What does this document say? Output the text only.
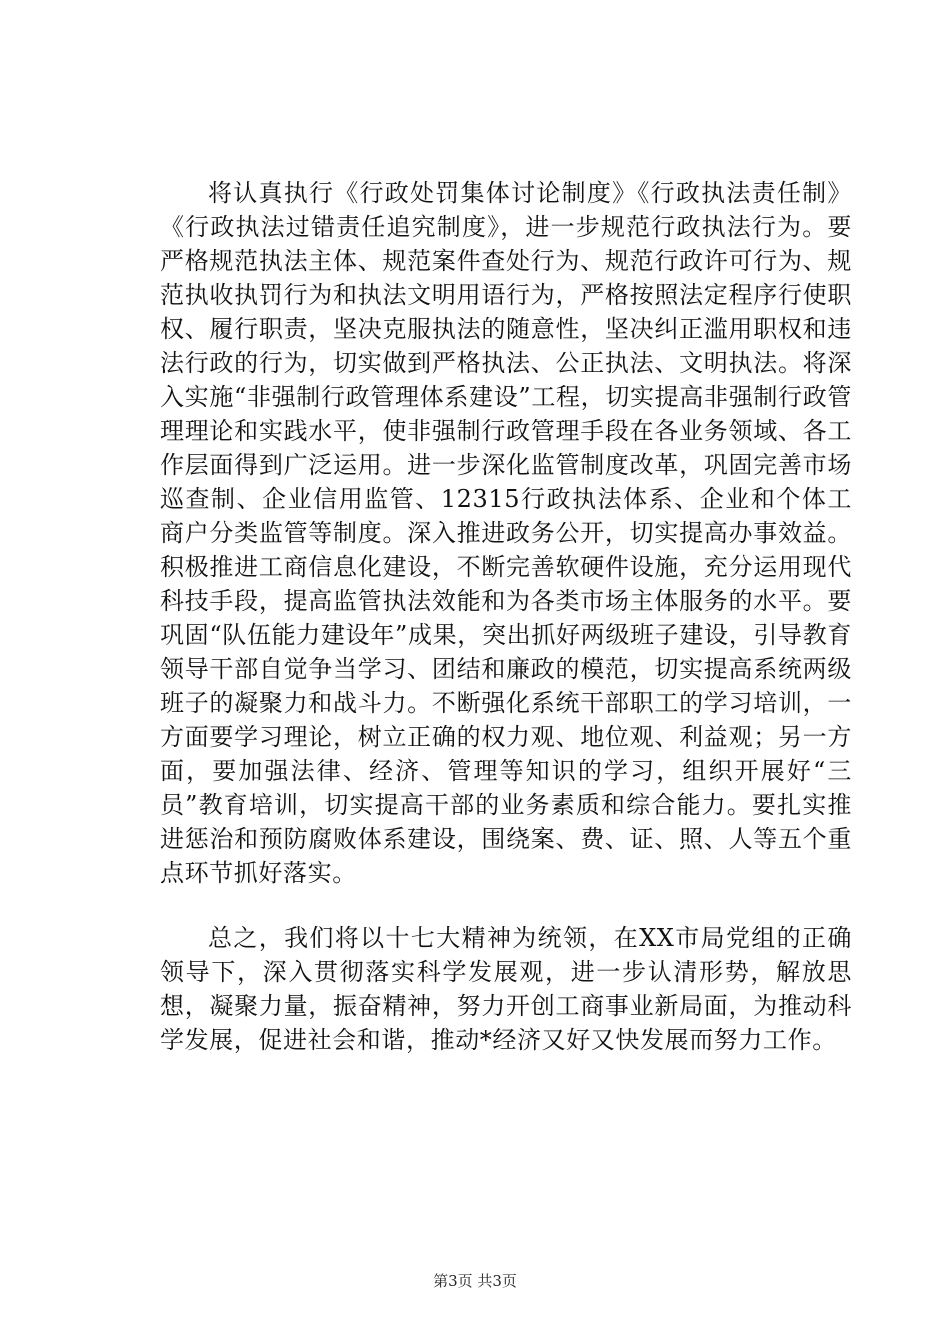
将认真执行《行政处罚集体讨论制度》《行政执法责任制》《行政执法过错责任追究制度》，进一步规范行政执法行为。要严格规范执法主体、规范案件查处行为、规范行政许可行为、规范执收执罚行为和执法文明用语行为，严格按照法定程序行使职权、履行职责，坚决克服执法的随意性，坚决纠正滥用职权和违法行政的行为，切实做到严格执法、公正执法、文明执法。将深入实施“非强制行政管理体系建设”工程，切实提高非强制行政管理理论和实践水平，使非强制行政管理手段在各业务领域、各工作层面得到广泛运用。进一步深化监管制度改革，巩固完善市场巡查制、企业信用监管、12315行政执法体系、企业和个体工商户分类监管等制度。深入推进政务公开，切实提高办事效益。积极推进工商信息化建设，不断完善软硬件设施，充分运用现代科技手段，提高监管执法效能和为各类市场主体服务的水平。要巩固“队伍能力建设年”成果，突出抓好两级班子建设，引导教育领导干部自觉争当学习、团结和廉政的模范，切实提高系统两级班子的凝聚力和战斗力。不断强化系统干部职工的学习培训，一方面要学习理论，树立正确的权力观、地位观、利益观；另一方面，要加强法律、经济、管理等知识的学习，组织开展好“三员”教育培训，切实提高干部的业务素质和综合能力。要扎实推进惩治和预防腐败体系建设，围绕案、费、证、照、人等五个重点环节抓好落实。

总之，我们将以十七大精神为统领，在XX市局党组的正确领导下，深入贯彻落实科学发展观，进一步认清形势，解放思想，凝聚力量，振奋精神，努力开创工商事业新局面，为推动科学发展，促进社会和谐，推动*经济又好又快发展而努力工作。

第3页 共3页
